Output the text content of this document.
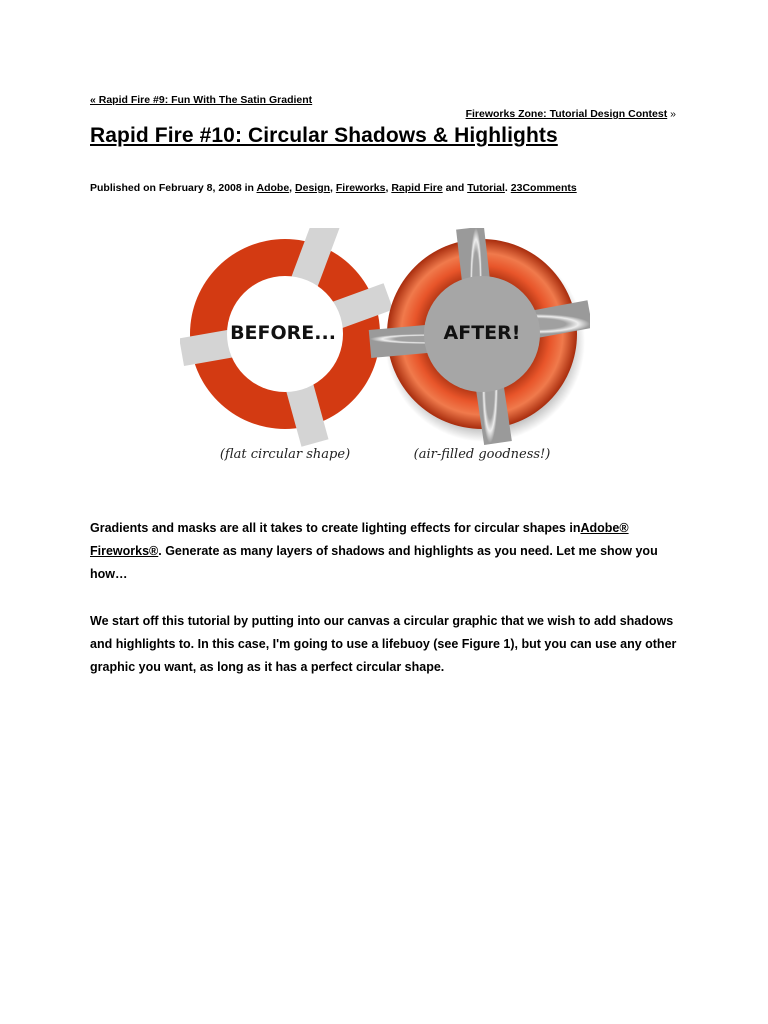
« Rapid Fire #9: Fun With The Satin Gradient
Fireworks Zone: Tutorial Design Contest »
Rapid Fire #10: Circular Shadows & Highlights
Published on February 8, 2008 in Adobe, Design, Fireworks, Rapid Fire and Tutorial. 23Comments
BEFORE...	AFTER!
(flat circular shape)	(air-filled goodness!)

Gradients and masks are all it takes to create lighting effects for circular shapes inAdobe® Fireworks®. Generate as many layers of shadows and highlights as you need. Let me show you how…

We start off this tutorial by putting into our canvas a circular graphic that we wish to add shadows and highlights to. In this case, I'm going to use a lifebuoy (see Figure 1), but you can use any other graphic you want, as long as it has a perfect circular shape.
